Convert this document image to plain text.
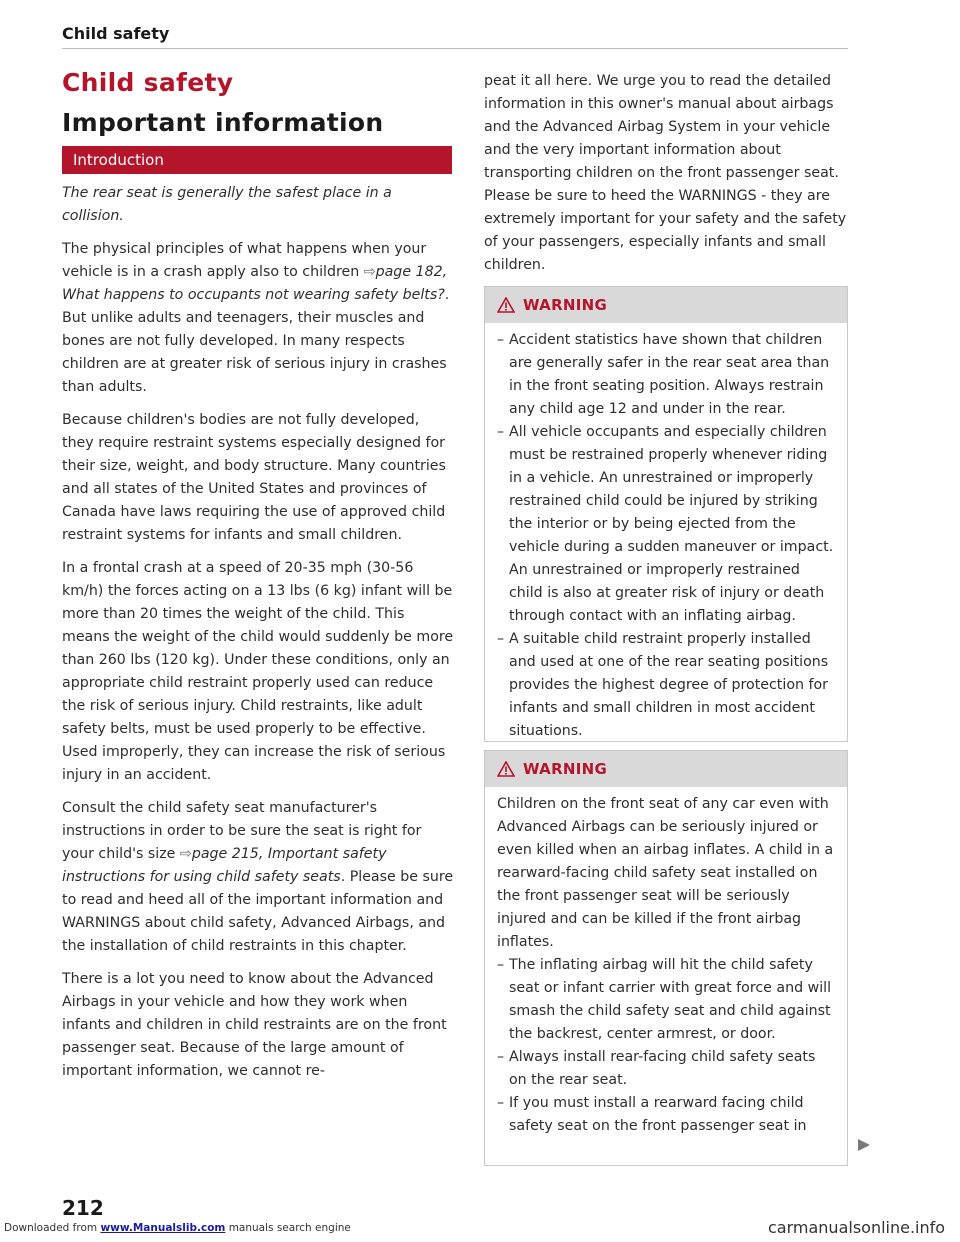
Child safety
Child safety
Important information
Introduction

The rear seat is generally the safest place in a collision.

The physical principles of what happens when your vehicle is in a crash apply also to children ⇨page 182, What happens to occupants not wearing safety belts?. But unlike adults and teenagers, their muscles and bones are not fully developed. In many respects children are at greater risk of serious injury in crashes than adults.

Because children's bodies are not fully developed, they require restraint systems especially designed for their size, weight, and body structure. Many countries and all states of the United States and provinces of Canada have laws requiring the use of approved child restraint systems for infants and small children.

In a frontal crash at a speed of 20-35 mph (30-56 km/h) the forces acting on a 13 lbs (6 kg) infant will be more than 20 times the weight of the child. This means the weight of the child would suddenly be more than 260 lbs (120 kg). Under these conditions, only an appropriate child restraint properly used can reduce the risk of serious injury. Child restraints, like adult safety belts, must be used properly to be effective. Used improperly, they can increase the risk of serious injury in an accident.

Consult the child safety seat manufacturer's instructions in order to be sure the seat is right for your child's size ⇨page 215, Important safety instructions for using child safety seats. Please be sure to read and heed all of the important information and WARNINGS about child safety, Advanced Airbags, and the installation of child restraints in this chapter.

There is a lot you need to know about the Advanced Airbags in your vehicle and how they work when infants and children in child restraints are on the front passenger seat. Because of the large amount of important information, we cannot re-

peat it all here. We urge you to read the detailed information in this owner's manual about airbags and the Advanced Airbag System in your vehicle and the very important information about transporting children on the front passenger seat. Please be sure to heed the WARNINGS - they are extremely important for your safety and the safety of your passengers, especially infants and small children.

WARNING
– Accident statistics have shown that children are generally safer in the rear seat area than in the front seating position. Always restrain any child age 12 and under in the rear.
– All vehicle occupants and especially children must be restrained properly whenever riding in a vehicle. An unrestrained or improperly restrained child could be injured by striking the interior or by being ejected from the vehicle during a sudden maneuver or impact. An unrestrained or improperly restrained child is also at greater risk of injury or death through contact with an inflating airbag.
– A suitable child restraint properly installed and used at one of the rear seating positions provides the highest degree of protection for infants and small children in most accident situations.
WARNING

Children on the front seat of any car even with Advanced Airbags can be seriously injured or even killed when an airbag inflates. A child in a rearward-facing child safety seat installed on the front passenger seat will be seriously injured and can be killed if the front airbag inflates.

– The inflating airbag will hit the child safety seat or infant carrier with great force and will smash the child safety seat and child against the backrest, center armrest, or door.
– Always install rear-facing child safety seats on the rear seat.
– If you must install a rearward facing child safety seat on the front passenger seat in
212
Downloaded from www.Manualslib.com manuals search engine	carmanualsonline.info
